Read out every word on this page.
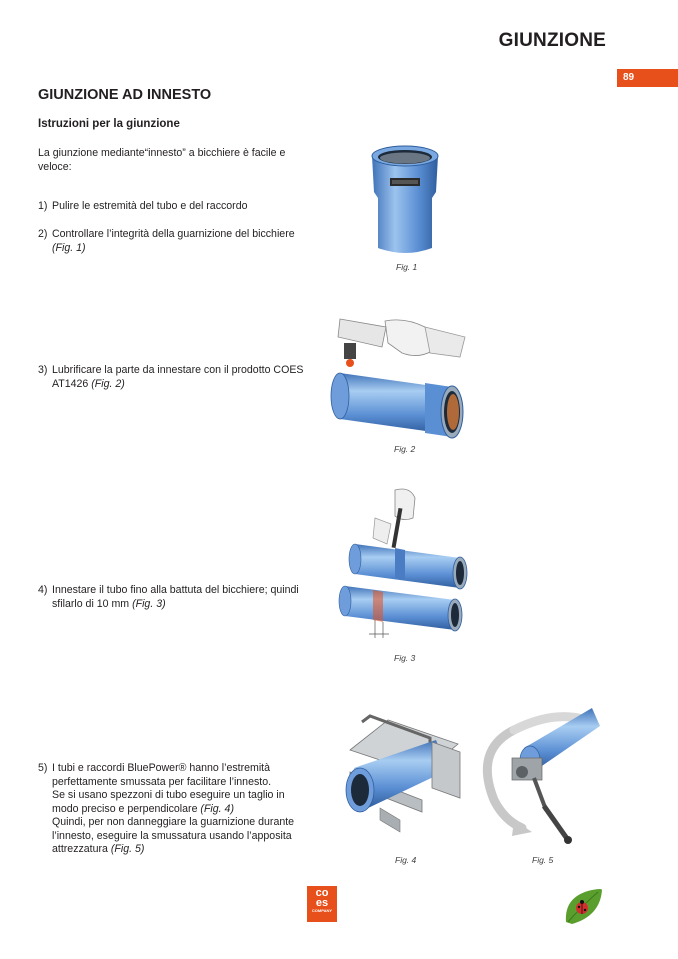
GIUNZIONE
89
GIUNZIONE AD INNESTO
Istruzioni per la giunzione
La giunzione mediante“innesto” a bicchiere è facile e
veloce:
1) Pulire le estremità del tubo e del raccordo
2) Controllare l’integrità della guarnizione del bicchiere
(Fig. 1)
3) Lubrificare la parte da innestare con il prodotto COES
AT1426 (Fig. 2)
4) Innestare il tubo fino alla battuta del bicchiere; quindi
sfilarlo di 10 mm (Fig. 3)
5) I tubi e raccordi BluePower® hanno l’estremità
perfettamente smussata per facilitare l’innesto.
Se si usano spezzoni di tubo eseguire un taglio in
modo preciso e perpendicolare (Fig. 4)
Quindi, per non danneggiare la guarnizione durante
l’innesto, eseguire la smussatura usando l’apposita
attrezzatura (Fig. 5)
Fig. 1
Fig. 2
Fig. 3
Fig. 4	Fig. 5
co
es
COMPANY
